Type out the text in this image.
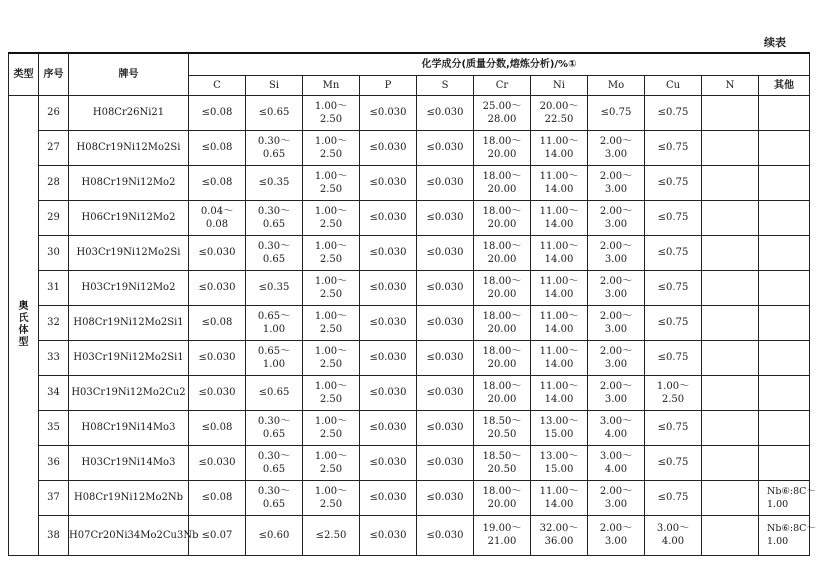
续表
类型	序号	牌号	化学成分(质量分数,熔炼分析)/%①										
			C	Si	Mn	P	S	Cr	Ni	Mo	Cu	N	其他
奥氏体型	26	H08Cr26Ni21	≤0.08	≤0.65	1.00～
2.50	≤0.030	≤0.030	25.00～
28.00	20.00～
22.50	≤0.75	≤0.75		

	27	H08Cr19Ni12Mo2Si	≤0.08	0.30～
0.65	1.00～
2.50	≤0.030	≤0.030	18.00～
20.00	11.00～
14.00	2.00～
3.00	≤0.75		

	28	H08Cr19Ni12Mo2	≤0.08	≤0.35	1.00～
2.50	≤0.030	≤0.030	18.00～
20.00	11.00～
14.00	2.00～
3.00	≤0.75		

	29	H06Cr19Ni12Mo2	0.04～
0.08	0.30～
0.65	1.00～
2.50	≤0.030	≤0.030	18.00～
20.00	11.00～
14.00	2.00～
3.00	≤0.75		

	30	H03Cr19Ni12Mo2Si	≤0.030	0.30～
0.65	1.00～
2.50	≤0.030	≤0.030	18.00～
20.00	11.00～
14.00	2.00～
3.00	≤0.75		

	31	H03Cr19Ni12Mo2	≤0.030	≤0.35	1.00～
2.50	≤0.030	≤0.030	18.00～
20.00	11.00～
14.00	2.00～
3.00	≤0.75		

	32	H08Cr19Ni12Mo2Si1	≤0.08	0.65～
1.00	1.00～
2.50	≤0.030	≤0.030	18.00～
20.00	11.00～
14.00	2.00～
3.00	≤0.75		

	33	H03Cr19Ni12Mo2Si1	≤0.030	0.65～
1.00	1.00～
2.50	≤0.030	≤0.030	18.00～
20.00	11.00～
14.00	2.00～
3.00	≤0.75		

	34	H03Cr19Ni12Mo2Cu2	≤0.030	≤0.65	1.00～
2.50	≤0.030	≤0.030	18.00～
20.00	11.00～
14.00	2.00～
3.00	1.00～
2.50		

	35	H08Cr19Ni14Mo3	≤0.08	0.30～
0.65	1.00～
2.50	≤0.030	≤0.030	18.50～
20.50	13.00～
15.00	3.00～
4.00	≤0.75		

	36	H03Cr19Ni14Mo3	≤0.030	0.30～
0.65	1.00～
2.50	≤0.030	≤0.030	18.50～
20.50	13.00～
15.00	3.00～
4.00	≤0.75		

	37	H08Cr19Ni12Mo2Nb	≤0.08	0.30～
0.65	1.00～
2.50	≤0.030	≤0.030	18.00～
20.00	11.00～
14.00	2.00～
3.00	≤0.75		Nb⑥:8C～
1.00

	38	H07Cr20Ni34Mo2Cu3Nb	≤0.07	≤0.60	≤2.50	≤0.030	≤0.030	19.00～
21.00	32.00～
36.00	2.00～
3.00	3.00～
4.00		Nb⑥:8C～
1.00
